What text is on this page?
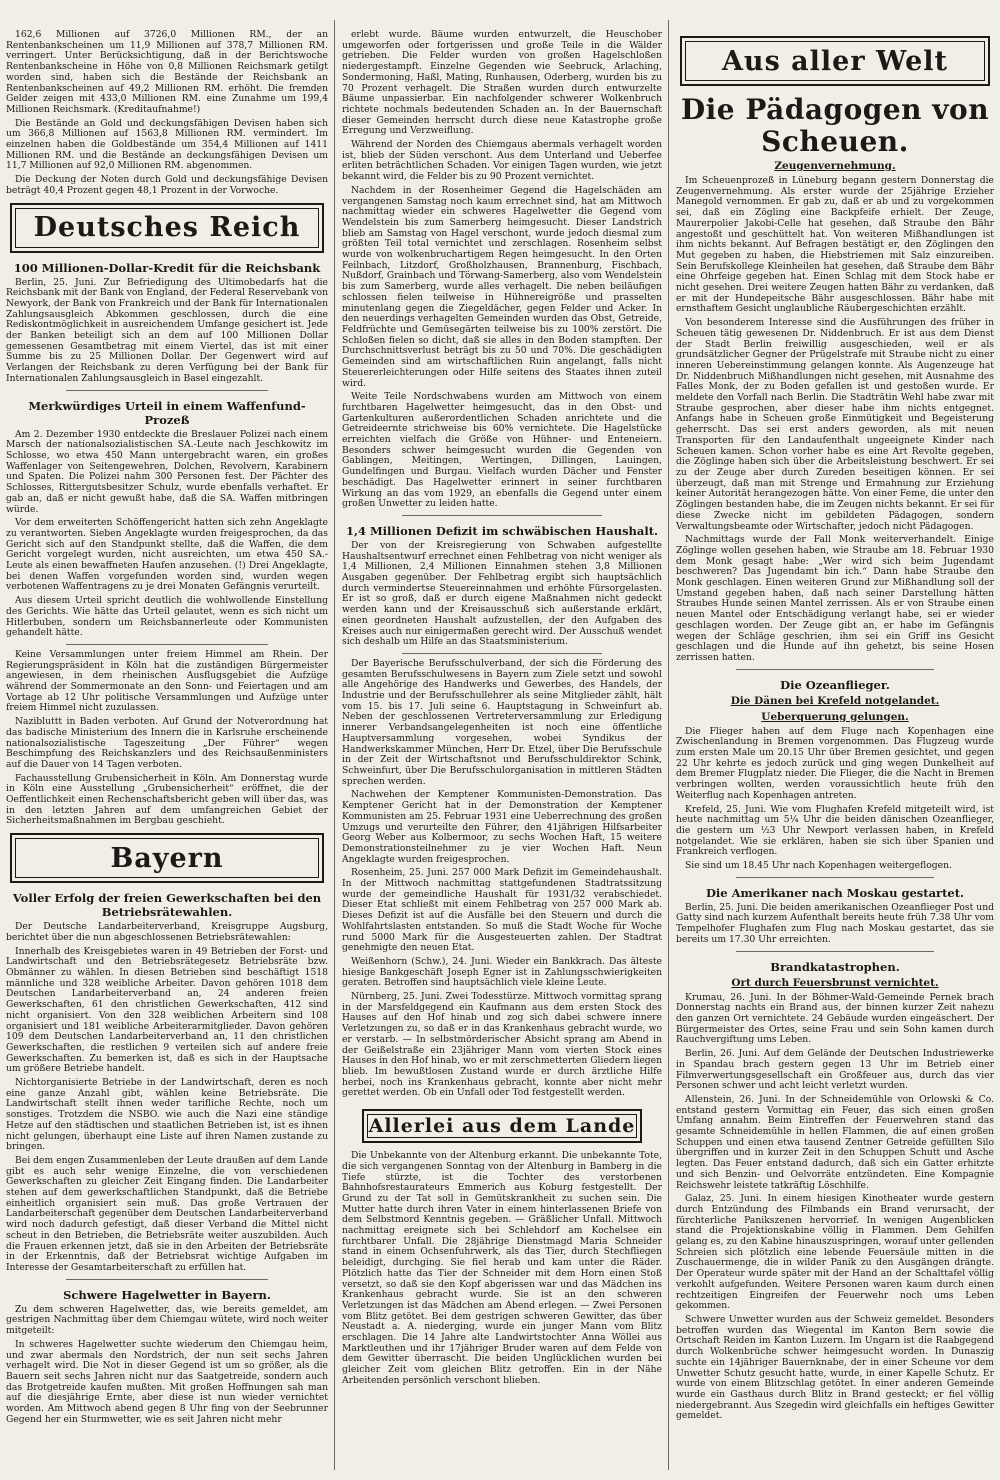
162,6 Millionen auf 3726,0 Millionen RM., der an Rentenbankscheinen um 11,9 Millionen auf 378,7 Millionen RM. verringert. Unter Berücksichtigung, daß in der Berichtswoche Rentenbankscheine in Höhe von 0,8 Millionen Reichsmark getilgt worden sind, haben sich die Bestände der Reichsbank an Rentenbankscheinen auf 49,2 Millionen RM. erhöht. Die fremden Gelder zeigen mit 433,0 Millionen RM. eine Zunahme um 199,4 Millionen Reichsmark. (Kreditaufnahme!)

Die Bestände an Gold und deckungsfähigen Devisen haben sich um 366,8 Millionen auf 1563,8 Millionen RM. vermindert. Im einzelnen haben die Goldbestände um 354,4 Millionen auf 1411 Millionen RM. und die Bestände an deckungsfähigen Devisen um 11,7 Millionen auf 92,0 Millionen RM. abgenommen.

Die Deckung der Noten durch Gold und deckungsfähige Devisen beträgt 40,4 Prozent gegen 48,1 Prozent in der Vorwoche.

Deutsches Reich
100 Millionen-Dollar-Kredit für die Reichsbank

Berlin, 25. Juni. Zur Befriedigung des Ultimobedarfs hat die Reichsbank mit der Bank von England, der Federal Reservebank von Newyork, der Bank von Frankreich und der Bank für Internationalen Zahlungsausgleich Abkommen geschlossen, durch die eine Rediskontmöglichkeit in ausreichendem Umfange gesichert ist. Jede der Banken beteiligt sich an dem auf 100 Millionen Dollar gemessenen Gesamtbetrag mit einem Viertel, das ist mit einer Summe bis zu 25 Millionen Dollar. Der Gegenwert wird auf Verlangen der Reichsbank zu deren Verfügung bei der Bank für Internationalen Zahlungsausgleich in Basel eingezahlt.

Merkwürdiges Urteil in einem Waffenfund-Prozeß

Am 2. Dezember 1930 entdeckte die Breslauer Polizei nach einem Marsch der nationalsozialistischen SA.-Leute nach Jeschkowitz im Schlosse, wo etwa 450 Mann untergebracht waren, ein großes Waffenlager von Seitengewehren, Dolchen, Revolvern, Karabinern und Spaten. Die Polizei nahm 300 Personen fest. Der Pächter des Schlosses, Rittergutsbesitzer Schulz, wurde ebenfalls verhaftet. Er gab an, daß er nicht gewußt habe, daß die SA. Waffen mitbringen würde.

Vor dem erweiterten Schöffengericht hatten sich zehn Angeklagte zu verantworten. Sieben Angeklagte wurden freigesprochen, da das Gericht sich auf den Standpunkt stellte, daß die Waffen, die dem Gericht vorgelegt wurden, nicht ausreichten, um etwa 450 SA.-Leute als einen bewaffneten Haufen anzusehen. (!) Drei Angeklagte, bei denen Waffen vorgefunden worden sind, wurden wegen verbotenen Waffentragens zu je drei Monaten Gefängnis verurteilt.

Aus diesem Urteil spricht deutlich die wohlwollende Einstellung des Gerichts. Wie hätte das Urteil gelautet, wenn es sich nicht um Hitlerbuben, sondern um Reichsbannerleute oder Kommunisten gehandelt hätte.

Keine Versammlungen unter freiem Himmel am Rhein. Der Regierungspräsident in Köln hat die zuständigen Bürgermeister angewiesen, in dem rheinischen Ausflugsgebiet die Aufzüge während der Sommermonate an den Sonn- und Feiertagen und am Vortage ab 12 Uhr politische Versammlungen und Aufzüge unter freiem Himmel nicht zuzulassen.

Nazibluttt in Baden verboten. Auf Grund der Notverordnung hat das badische Ministerium des Innern die in Karlsruhe erscheinende nationalsozialistische Tageszeitung „Der Führer“ wegen Beschimpfung des Reichskanzlers und des Reichsaußenministers auf die Dauer von 14 Tagen verboten.

Fachausstellung Grubensicherheit in Köln. Am Donnerstag wurde in Köln eine Ausstellung „Grubensicherheit“ eröffnet, die der Oeffentlichkeit einen Rechenschaftsbericht geben will über das, was in den letzten Jahren auf dem umfangreichen Gebiet der Sicherheitsmaßnahmen im Bergbau geschieht.

Bayern
Voller Erfolg der freien Gewerkschaften bei den Betriebsrätewahlen.

Der Deutsche Landarbeiterverband, Kreisgruppe Augsburg, berichtet über die nun abgeschlossenen Betriebsrätewahlen:

Innerhalb des Kreisgebietes waren in 49 Betrieben der Forst- und Landwirtschaft und den Betriebsrätegesetz Betriebsräte bzw. Obmänner zu wählen. In diesen Betrieben sind beschäftigt 1518 männliche und 328 weibliche Arbeiter. Davon gehören 1018 dem Deutschen Landarbeiterverband an, 24 anderen freien Gewerkschaften, 61 den christlichen Gewerkschaften, 412 sind nicht organisiert. Von den 328 weiblichen Arbeitern sind 108 organisiert und 181 weibliche Arbeiterarmitglieder. Davon gehören 109 dem Deutschen Landarbeiterverband an, 11 den christlichen Gewerkschaften, die restlichen 9 verteilen sich auf andere freie Gewerkschaften. Zu bemerken ist, daß es sich in der Hauptsache um größere Betriebe handelt.

Nichtorganisierte Betriebe in der Landwirtschaft, deren es noch eine ganze Anzahl gibt, wählen keine Betriebsräte. Die Landwirtschaft stellt ihnen weder tarifliche Rechte, noch um sonstiges. Trotzdem die NSBO. wie auch die Nazi eine ständige Hetze auf den städtischen und staatlichen Betrieben ist, ist es ihnen nicht gelungen, überhaupt eine Liste auf ihren Namen zustande zu bringen.

Bei dem engen Zusammenleben der Leute draußen auf dem Lande gibt es auch sehr wenige Einzelne, die von verschiedenen Gewerkschaften zu gleicher Zeit Eingang finden. Die Landarbeiter stehen auf dem gewerkschaftlichen Standpunkt, daß die Betriebe einheitlich organisiert sein muß. Das große Vertrauen der Landarbeiterschaft gegenüber dem Deutschen Landarbeiterverband wird noch dadurch gefestigt, daß dieser Verband die Mittel nicht scheut in den Betrieben, die Betriebsräte weiter auszubilden. Auch die Frauen erkennen jetzt, daß sie in den Arbeiten der Betriebsräte in der Erkenntnis, daß der Betriebsrat wichtige Aufgaben im Interesse der Gesamtarbeiterschaft zu erfüllen hat.

Schwere Hagelwetter in Bayern.

Zu dem schweren Hagelwetter, das, wie bereits gemeldet, am gestrigen Nachmittag über dem Chiemgau wütete, wird noch weiter mitgeteilt:

In schweres Hagelwetter suchte wiederum den Chiemgau heim, und zwar abermals den Nordstrich, der nun seit sechs Jahren verhagelt wird. Die Not in dieser Gegend ist um so größer, als die Bauern seit sechs Jahren nicht nur das Saatgetreide, sondern auch das Brotgetreide kaufen mußten. Mit großen Hoffnungen sah man auf die diesjährige Ernte, aber diese ist nun wieder vernichtet worden. Am Mittwoch abend gegen 8 Uhr fing von der Seebrunner Gegend her ein Sturmwetter, wie es seit Jahren nicht mehr

erlebt wurde. Bäume wurden entwurzelt, die Heuschober umgeworfen oder fortgerissen und große Teile in die Wälder getrieben. Die Felder wurden von großen Hagelschloßen niedergestampft. Einzelne Gegenden wie Seebruck, Arlaching, Sondermoning, Haßl, Mating, Runhausen, Oderberg, wurden bis zu 70 Prozent verhagelt. Die Straßen wurden durch entwurzelte Bäume unpassierbar. Ein nachfolgender schwerer Wolkenbruch richtete nochmals bedeutenden Schaden an. In der Bauernschaft dieser Gemeinden herrscht durch diese neue Katastrophe große Erregung und Verzweiflung.

Während der Norden des Chiemgaus abermals verhagelt worden ist, blieb der Süden verschont. Aus dem Unterland und Ueberfee erliten beträchtlichen Schaden. Vor einigen Tagen wurden, wie jetzt bekannt wird, die Felder bis zu 90 Prozent vernichtet.

Nachdem in der Rosenheimer Gegend die Hagelschäden am vergangenen Samstag noch kaum errechnet sind, hat am Mittwoch nachmittag wieder ein schweres Hagelwetter die Gegend vom Wendelstein bis zum Samerberg heimgesucht. Dieser Landstrich blieb am Samstag von Hagel verschont, wurde jedoch diesmal zum größten Teil total vernichtet und zerschlagen. Rosenheim selbst wurde von wolkenbruchartigem Regen heimgesucht. In den Orten Feilnbach, Litzdorf, Großholzhausen, Brannenburg, Fischbach, Nußdorf, Grainbach und Törwang-Samerberg, also vom Wendelstein bis zum Samerberg, wurde alles verhagelt. Die neben beiläufigen schlossen fielen teilweise in Hühnereigröße und prasselten minutenlang gegen die Ziegeldächer, gegen Felder und Acker. In den neuerdings verhagelten Gemeinden wurden das Obst, Getreide, Feldfrüchte und Gemüsegärten teilweise bis zu 100% zerstört. Die Schloßen fielen so dicht, daß sie alles in den Boden stampften. Der Durchschnittsverlust beträgt bis zu 50 und 70%. Die geschädigten Gemeinden sind am wirtschaftlichen Ruin angelangt, falls nicht Steuererleichterungen oder Hilfe seitens des Staates ihnen zuteil wird.

Weite Teile Nordschwabens wurden am Mittwoch von einem furchtbaren Hagelwetter heimgesucht, das in den Obst- und Gartenkulturen außerordentlichen Schaden anrichtete und die Getreideernte strichweise bis 60% vernichtete. Die Hagelstücke erreichten vielfach die Größe von Hühner- und Enteneiern. Besonders schwer heimgesucht wurden die Gegenden von Gablingen, Meitingen, Wertingen, Dillingen, Lauingen, Gundelfingen und Burgau. Vielfach wurden Dächer und Fenster beschädigt. Das Hagelwetter erinnert in seiner furchtbaren Wirkung an das vom 1929, an ebenfalls die Gegend unter einem großen Unwetter zu leiden hatte.

1,4 Millionen Defizit im schwäbischen Haushalt.

Der von der Kreisregierung von Schwaben aufgestellte Haushaltsentwurf errechnet einen Fehlbetrag von nicht weniger als 1,4 Millionen, 2,4 Millionen Einnahmen stehen 3,8 Millionen Ausgaben gegenüber. Der Fehlbetrag ergibt sich hauptsächlich durch vermindertse Steuereinnahmen und erhöhte Fürsorgelasten. Er ist so groß, daß er durch eigene Maßnahmen nicht gedeckt werden kann und der Kreisausschuß sich außerstande erklärt, einen geordneten Haushalt aufzustellen, der den Aufgaben des Kreises auch nur einigermaßen gerecht wird. Der Ausschuß wendet sich deshalb um Hilfe an das Staatsministerium.

Der Bayerische Berufsschulverband, der sich die Förderung des gesamten Berufsschulwesens in Bayern zum Ziele setzt und sowohl alle Angehörige des Handwerks und Gewerbes, des Handels, der Industrie und der Berufsschullehrer als seine Mitglieder zählt, hält vom 15. bis 17. Juli seine 6. Hauptstagung in Schweinfurt ab. Neben der geschlossenen Vertreterversammlung zur Erledigung innerer Verbandsangelegenheiten ist noch eine öffentliche Hauptversammlung vorgesehen, wobei Syndikus der Handwerkskammer München, Herr Dr. Etzel, über Die Berufsschule in der Zeit der Wirtschaftsnot und Berufsschuldirektor Schink, Schweinfurt, über Die Berufsschulorganisation in mittleren Städten sprechen werden.

Nachwehen der Kemptener Kommunisten-Demonstration. Das Kemptener Gericht hat in der Demonstration der Kemptener Kommunisten am 25. Februar 1931 eine Ueberrechnung des großen Umzugs und verurteilte den Führer, den 41jährigen Hilfsarbeiter Georg Weber aus Kolbermoor, zu sechs Wochen Haft, 15 weitere Demonstrationsteilnehmer zu je vier Wochen Haft. Neun Angeklagte wurden freigesprochen.

Rosenheim, 25. Juni. 257 000 Mark Defizit im Gemeindehaushalt. In der Mittwoch nachmittag stattgefundenen Stadtratssitzung wurde der gemeindliche Haushalt für 1931/32 verabschiedet. Dieser Etat schließt mit einem Fehlbetrag von 257 000 Mark ab. Dieses Defizit ist auf die Ausfälle bei den Steuern und durch die Wohlfahrtslasten entstanden. So muß die Stadt Woche für Woche rund 5000 Mark für die Ausgesteuerten zahlen. Der Stadtrat genehmigte den neuen Etat.

Weißenhorn (Schw.), 24. Juni. Wieder ein Bankkrach. Das älteste hiesige Bankgeschäft Joseph Egner ist in Zahlungsschwierigkeiten geraten. Betroffen sind hauptsächlich viele kleine Leute.

Nürnberg, 25. Juni. Zwei Todesstürze. Mittwoch vormittag sprang in der Marsfeldgegend ein Kaufmann aus dem ersten Stock des Hauses auf den Hof hinab und zog sich dabei schwere innere Verletzungen zu, so daß er in das Krankenhaus gebracht wurde, wo er verstarb. — In selbstmörderischer Absicht sprang am Abend in der Geißelstraße ein 23jähriger Mann vom vierten Stock eines Hauses in den Hof hinab, wo er mit zerschmetterten Gliedern liegen blieb. Im bewußtlosen Zustand wurde er durch ärztliche Hilfe herbei, noch ins Krankenhaus gebracht, konnte aber nicht mehr gerettet werden. Ob ein Unfall oder Tod festgestellt werden.

Allerlei aus dem Lande

Die Unbekannte von der Altenburg erkannt. Die unbekannte Tote, die sich vergangenen Sonntag von der Altenburg in Bamberg in die Tiefe stürzte, ist die Tochter des verstorbenen Bahnhofsrestaurateurs Emmerich aus Koburg festgestellt. Der Grund zu der Tat soll in Gemütskrankheit zu suchen sein. Die Mutter hatte durch ihren Vater in einem hinterlassenen Briefe von dem Selbstmord Kenntnis gegeben. — Gräßlicher Unfall. Mittwoch nachmittag ereignete sich bei Schlehdorf am Kochelsee ein furchtbarer Unfall. Die 28jährige Dienstmagd Maria Schneider stand in einem Ochsenfuhrwerk, als das Tier, durch Stechfliegen beleidigt, durchging. Sie fiel herab und kam unter die Räder. Plötzlich hatte das Tier der Schneider mit dem Horn einen Stoß versetzt, so daß sie den Kopf abgerissen war und das Mädchen ins Krankenhaus gebracht wurde. Sie ist an den schweren Verletzungen ist das Mädchen am Abend erlegen. — Zwei Personen vom Blitz getötet. Bei dem gestrigen schweren Gewitter, das über Neustadt a. A. niederging, wurde ein junger Mann vom Blitz erschlagen. Die 14 Jahre alte Landwirtstochter Anna Wöllei aus Marktleuthen und ihr 17jähriger Bruder waren auf dem Felde von dem Gewitter überrascht. Die beiden Unglücklichen wurden bei gleicher Zeit vom gleichen Blitz getroffen. Ein in der Nähe Arbeitenden persönlich verschont blieben.

Aus aller Welt
Die Pädagogen von Scheuen.
Zeugenvernehmung.

Im Scheuenprozeß in Lüneburg begann gestern Donnerstag die Zeugenvernehmung. Als erster wurde der 25jährige Erzieher Manegold vernommen. Er gab zu, daß er ab und zu vorgekommen sei, daß ein Zögling eine Backpfeife erhielt. Der Zeuge, Maurerpolier Jakobi-Celle hat gesehen, daß Straube den Bähr angestoßt und geschüttelt hat. Von weiteren Mißhandlungen ist ihm nichts bekannt. Auf Befragen bestätigt er, den Zöglingen den Mut gegeben zu haben, die Hiebstriemen mit Salz einzureiben. Sein Berufskollege Kleinheilen hat gesehen, daß Straube dem Bähr eine Ohrfeige gegeben hat. Einen Schlag mit dem Stock habe er nicht gesehen. Drei weitere Zeugen hatten Bähr zu verdanken, daß er mit der Hundepeitsche Bähr ausgeschlossen. Bähr habe mit ernsthaftem Gesicht unglaubliche Räubergeschichten erzählt.

Von besonderem Interesse sind die Ausführungen des früher in Scheuen tätig gewesenen Dr. Niddenbruch. Er ist aus dem Dienst der Stadt Berlin freiwillig ausgeschieden, weil er als grundsätzlicher Gegner der Prügelstrafe mit Straube nicht zu einer inneren Uebereinstimmung gelangen konnte. Als Augenzeuge hat Dr. Niddenbruch Mißhandlungen nicht gesehen, mit Ausnahme des Falles Monk, der zu Boden gefallen ist und gestoßen wurde. Er meldete den Vorfall nach Berlin. Die Stadträtin Wehl habe zwar mit Straube gesprochen, aber dieser habe ihm nichts entgegnet. Anfangs habe in Scheuen große Einmütigkeit und Begeisterung geherrscht. Das sei erst anders geworden, als mit neuen Transporten für den Landaufenthalt ungeeignete Kinder nach Scheuen kamen. Schon vorher habe es eine Art Revolte gegeben, die Zöglinge haben sich über die Arbeitsleistung beschwert. Er sei zu der Zeuge aber durch Zureden beseitigen können. Er sei überzeugt, daß man mit Strenge und Ermahnung zur Erziehung keiner Autorität herangezogen hätte. Von einer Feme, die unter den Zöglingen bestanden habe, die im Zeugen nichts bekannt. Er sei für diese Zwecke nicht im gebildeten Pädagogen, sondern Verwaltungsbeamte oder Wirtschafter, jedoch nicht Pädagogen.

Nachmittags wurde der Fall Monk weiterverhandelt. Einige Zöglinge wollen gesehen haben, wie Straube am 18. Februar 1930 dem Monk gesagt habe: „Wer wird sich beim Jugendamt beschweren? Das Jugendamt bin ich.“ Dann habe Straube den Monk geschlagen. Einen weiteren Grund zur Mißhandlung soll der Umstand gegeben haben, daß nach seiner Darstellung hätten Straubes Hunde seinen Mantel zerrissen. Als er von Straube einen neuen Mantel oder Entschädigung verlangt habe, sei er wieder geschlagen worden. Der Zeuge gibt an, er habe im Gefängnis wegen der Schläge geschrien, ihm sei ein Griff ins Gesicht geschlagen und die Hunde auf ihn gehetzt, bis seine Hosen zerrissen hatten.

Die Ozeanflieger.
Die Dänen bei Krefeld notgelandet.
Ueberquerung gelungen.

Die Flieger haben auf dem Fluge nach Kopenhagen eine Zwischenlandung in Bremen vorgenommen. Das Flugzeug wurde zum ersten Male um 20.15 Uhr über Bremen gesichtet, und gegen 22 Uhr kehrte es jedoch zurück und ging wegen Dunkelheit auf dem Bremer Flugplatz nieder. Die Flieger, die die Nacht in Bremen verbringen wollten, werden voraussichtlich heute früh den Weiterflug nach Kopenhagen antreten.

Krefeld, 25. Juni. Wie vom Flughafen Krefeld mitgeteilt wird, ist heute nachmittag um 5¼ Uhr die beiden dänischen Ozeanflieger, die gestern um ½3 Uhr Newport verlassen haben, in Krefeld notgelandet. Wie sie erklären, haben sie sich über Spanien und Frankreich verflogen.

Sie sind um 18.45 Uhr nach Kopenhagen weitergeflogen.

Die Amerikaner nach Moskau gestartet.

Berlin, 25. Juni. Die beiden amerikanischen Ozeanflieger Post und Gatty sind nach kurzem Aufenthalt bereits heute früh 7.38 Uhr vom Tempelhofer Flughafen zum Flug nach Moskau gestartet, das sie bereits um 17.30 Uhr erreichten.

Brandkatastrophen.
Ort durch Feuersbrunst vernichtet.

Krumau, 26. Juni. In der Böhmer-Wald-Gemeinde Pernek brach Donnerstag nachts ein Brand aus, der binnen kurzer Zeit nahezu den ganzen Ort vernichtete. 24 Gebäude wurden eingeäschert. Der Bürgermeister des Ortes, seine Frau und sein Sohn kamen durch Rauchvergiftung ums Leben.

Berlin, 26. Juni. Auf dem Gelände der Deutschen Industriewerke in Spandau brach gestern gegen 13 Uhr im Betrieb einer Filmverwertungsgesellschaft ein Großfeuer aus, durch das vier Personen schwer und acht leicht verletzt wurden.

Allenstein, 26. Juni. In der Schneidemühle von Orlowski & Co. entstand gestern Vormittag ein Feuer, das sich einen großen Umfang annahm. Beim Eintreffen der Feuerwehren stand das gesamte Schneidemühle in hellen Flammen, die auf einen großen Schuppen und einen etwa tausend Zentner Getreide gefüllten Silo übergriffen und in kurzer Zeit in den Schuppen Schutt und Asche legten. Das Feuer entstand dadurch, daß sich ein Gatter erhitzte und sich Benzin- und Oelvorräte entzündeten. Eine Kompagnie Reichswehr leistete tatkräftig Löschhilfe.

Galaz, 25. Juni. In einem hiesigen Kinotheater wurde gestern durch Entzündung des Filmbands ein Brand verursacht, der fürchterliche Panikszenen hervorrief. In wenigen Augenblicken stand die Projektionskabine völlig in Flammen. Dem Gehilfen gelang es, zu den Kabine hinauszuspringen, worauf unter gellenden Schreien sich plötzlich eine lebende Feuersäule mitten in die Zuschauermenge, die in wilder Panik zu den Ausgängen drängte. Der Operateur wurde später mit der Hand an der Schalttafel völlig verkohlt aufgefunden. Weitere Personen waren kaum durch einen rechtzeitigen Eingreifen der Feuerwehr noch ums Leben gekommen.

Schwere Unwetter wurden aus der Schweiz gemeldet. Besonders betroffen wurden das Wiegental im Kanton Bern sowie die Ortschaft Reiden im Kanton Luzern. Im Ungarn ist die Raabgegend durch Wolkenbrüche schwer heimgesucht worden. In Dunaszig suchte ein 14jähriger Bauernknabe, der in einer Scheune vor dem Unwetter Schutz gesucht hatte, wurde, in einer Kapelle Schutz. Er wurde von einem Blitzschlag getötet. In einer anderen Gemeinde wurde ein Gasthaus durch Blitz in Brand gesteckt; er fiel völlig niedergebrannt. Aus Szegedin wird gleichfalls ein heftiges Gewitter gemeldet.
